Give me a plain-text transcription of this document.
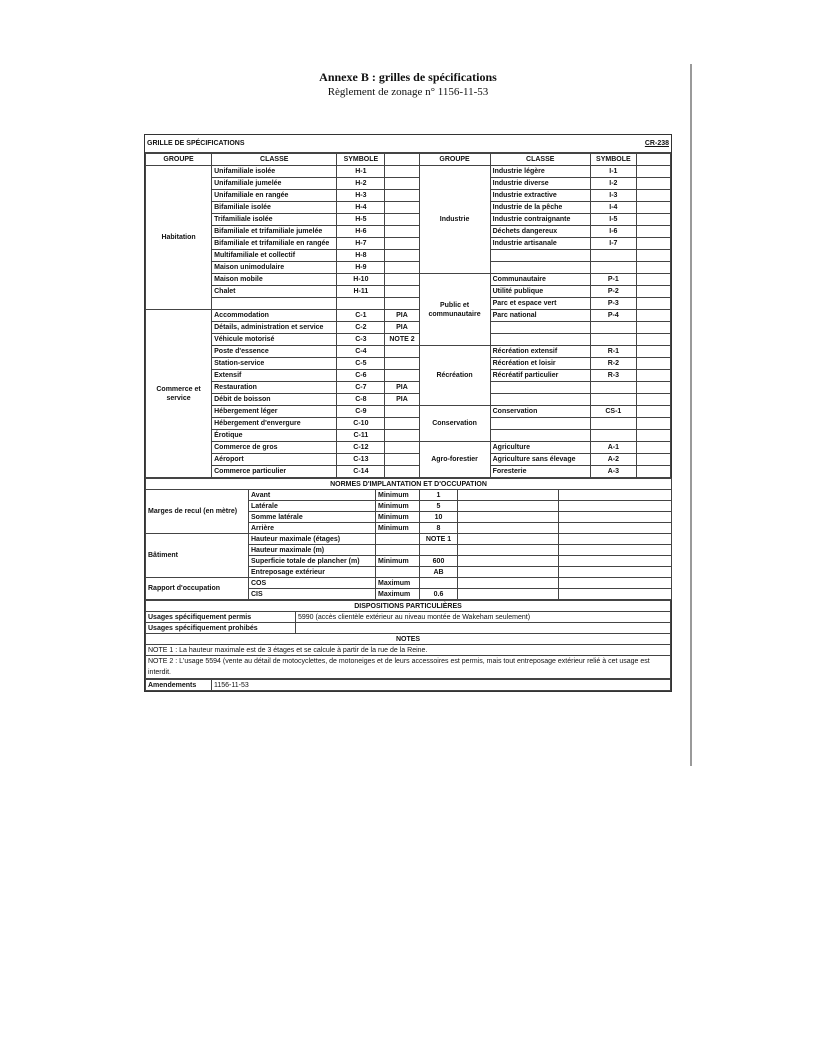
Annexe B : grilles de spécifications
Règlement de zonage n° 1156-11-53
GRILLE DE SPÉCIFICATIONS	CR-238
GROUPE	CLASSE	SYMBOLE		GROUPE	CLASSE	SYMBOLE	
Habitation	Unifamiliale isolée	H-1		Industrie	Industrie légère	I-1	
	Unifamiliale jumelée	H-2			Industrie diverse	I-2	
	Unifamiliale en rangée	H-3			Industrie extractive	I-3	
	Bifamiliale isolée	H-4			Industrie de la pêche	I-4	
	Trifamiliale isolée	H-5			Industrie contraignante	I-5	
	Bifamiliale et trifamiliale jumelée	H-6			Déchets dangereux	I-6	
	Bifamiliale et trifamiliale en rangée	H-7			Industrie artisanale	I-7	
	Multifamiliale et collectif	H-8					
	Maison unimodulaire	H-9					
	Maison mobile	H-10		Public et communautaire	Communautaire	P-1	
	Chalet	H-11			Utilité publique	P-2	
					Parc et espace vert	P-3	
Commerce et service	Accommodation	C-1	PIA		Parc national	P-4	
	Détails, administration et service	C-2	PIA				
	Véhicule motorisé	C-3	NOTE 2				
	Poste d'essence	C-4		Récréation	Récréation extensif	R-1	
	Station-service	C-5			Récréation et loisir	R-2	
	Extensif	C-6			Récréatif particulier	R-3	
	Restauration	C-7	PIA				
	Débit de boisson	C-8	PIA				
	Hébergement léger	C-9		Conservation	Conservation	CS-1	
	Hébergement d'envergure	C-10					
	Érotique	C-11					
	Commerce de gros	C-12		Agro-forestier	Agriculture	A-1	
	Aéroport	C-13			Agriculture sans élevage	A-2	
	Commerce particulier	C-14			Foresterie	A-3	
NORMES D'IMPLANTATION ET D'OCCUPATION					
Marges de recul (en mètre)	Avant	Minimum	1		
	Latérale	Minimum	5		
	Somme latérale	Minimum	10		
	Arrière	Minimum	8		
Bâtiment	Hauteur maximale (étages)		NOTE 1		
	Hauteur maximale (m)				
	Superficie totale de plancher (m)	Minimum	600		
	Entreposage extérieur		AB		
Rapport d'occupation	COS	Maximum			
	CIS	Maximum	0.6		
DISPOSITIONS PARTICULIÈRES	
Usages spécifiquement permis	5990 (accès clientèle extérieur au niveau montée de Wakeham seulement)
Usages spécifiquement prohibés	
NOTES	
NOTE 1 : La hauteur maximale est de 3 étages et se calcule à partir de la rue de la Reine.	
NOTE 2 : L'usage 5594 (vente au détail de motocyclettes, de motoneiges et de leurs accessoires est permis, mais tout entreposage extérieur relié à cet usage est interdit.	
Amendements	1156-11-53
